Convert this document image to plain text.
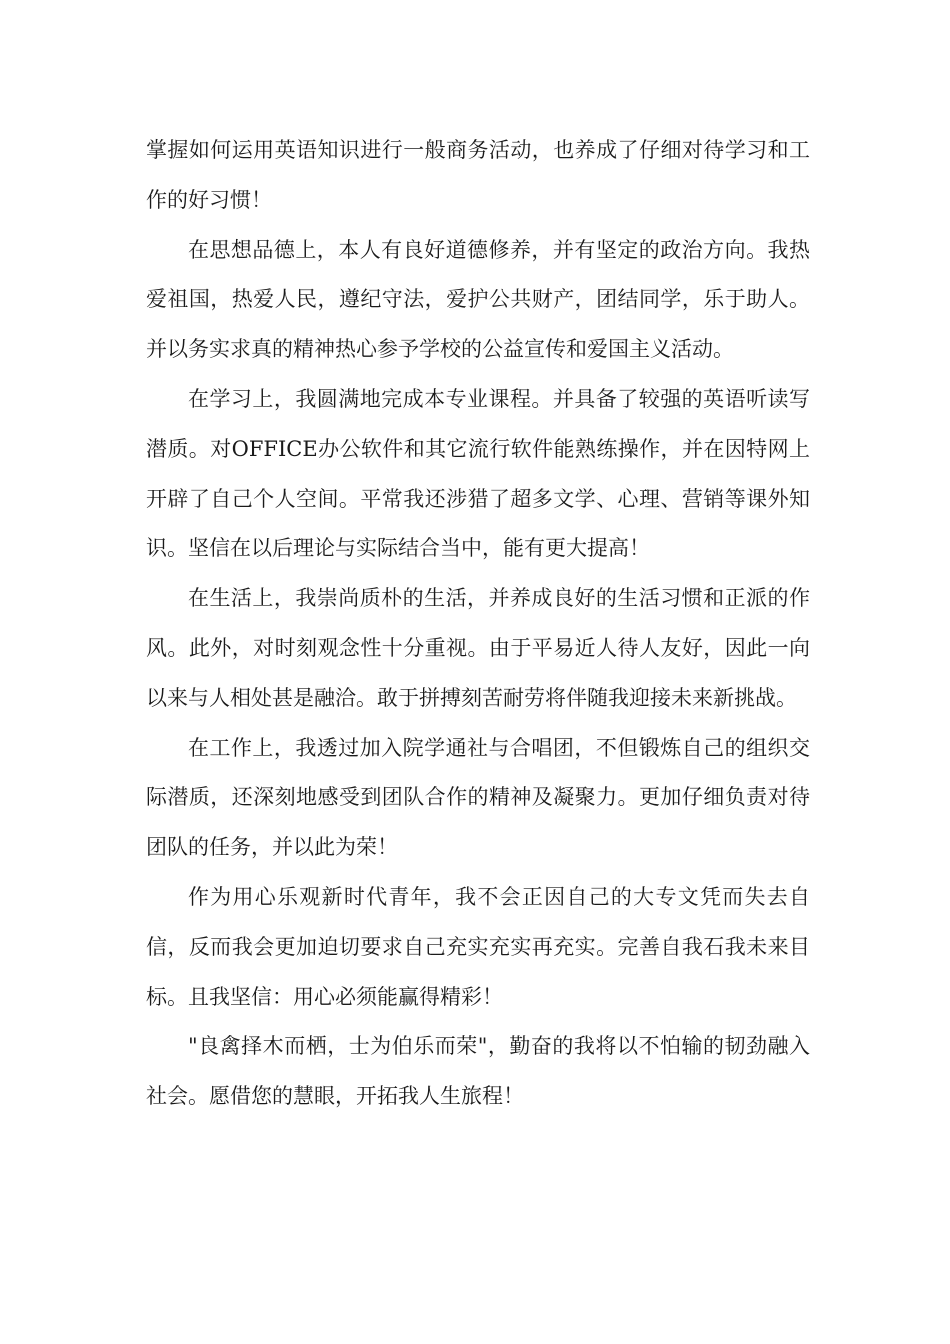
掌握如何运用英语知识进行一般商务活动，也养成了仔细对待学习和工作的好习惯！

在思想品德上，本人有良好道德修养，并有坚定的政治方向。我热爱祖国，热爱人民，遵纪守法，爱护公共财产，团结同学，乐于助人。并以务实求真的精神热心参予学校的公益宣传和爱国主义活动。

在学习上，我圆满地完成本专业课程。并具备了较强的英语听读写潜质。对OFFICE办公软件和其它流行软件能熟练操作，并在因特网上开辟了自己个人空间。平常我还涉猎了超多文学、心理、营销等课外知识。坚信在以后理论与实际结合当中，能有更大提高！

在生活上，我崇尚质朴的生活，并养成良好的生活习惯和正派的作风。此外，对时刻观念性十分重视。由于平易近人待人友好，因此一向以来与人相处甚是融洽。敢于拼搏刻苦耐劳将伴随我迎接未来新挑战。

在工作上，我透过加入院学通社与合唱团，不但锻炼自己的组织交际潜质，还深刻地感受到团队合作的精神及凝聚力。更加仔细负责对待团队的任务，并以此为荣！

作为用心乐观新时代青年，我不会正因自己的大专文凭而失去自信，反而我会更加迫切要求自己充实充实再充实。完善自我石我未来目标。且我坚信：用心必须能赢得精彩！

"良禽择木而栖，士为伯乐而荣"，勤奋的我将以不怕输的韧劲融入社会。愿借您的慧眼，开拓我人生旅程！
